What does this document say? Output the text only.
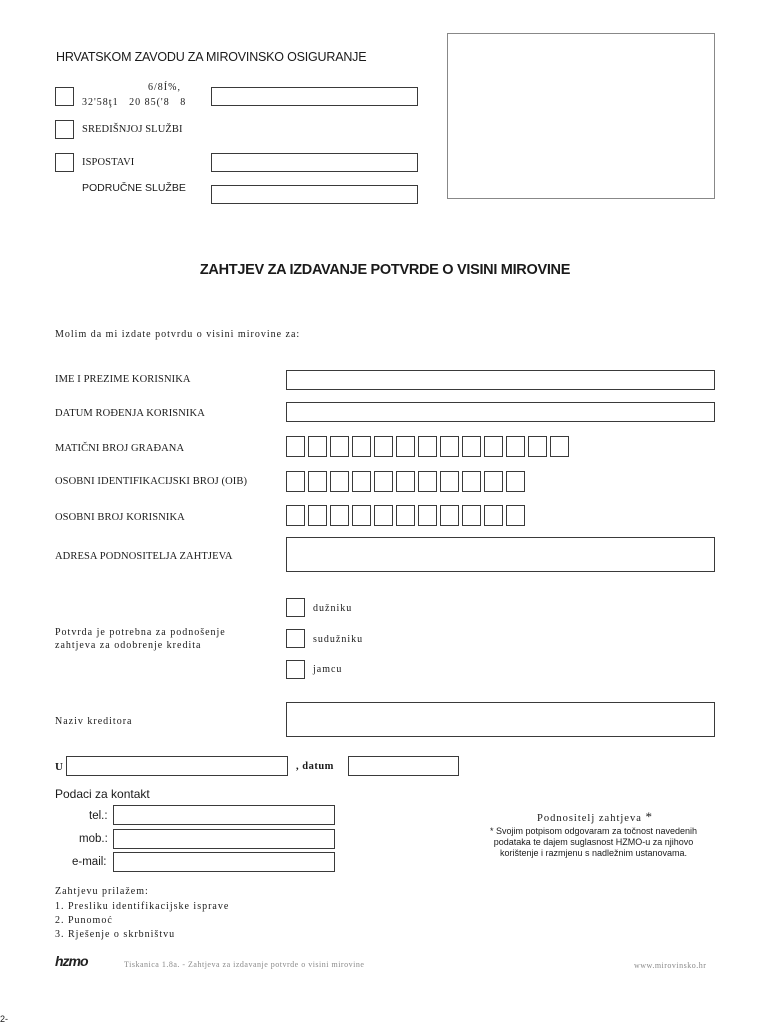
HRVATSKOM ZAVODU ZA MIROVINSKO OSIGURANJE
6/8Í%,
32'58ţ1   20 85('8   8
SREDIŠNJOJ SLUŽBI
ISPOSTAVI
PODRUČNE SLUŽBE
ZAHTJEV ZA IZDAVANJE POTVRDE O VISINI MIROVINE
Molim da mi izdate potvrdu o visini mirovine za:
IME I PREZIME KORISNIKA
DATUM ROĐENJA KORISNIKA
MATIČNI BROJ GRAĐANA
OSOBNI IDENTIFIKACIJSKI BROJ (OIB)
OSOBNI BROJ KORISNIKA
ADRESA PODNOSITELJA ZAHTJEVA
dužniku
sudužniku
jamcu
Potvrda je potrebna za podnošenje
zahtjeva za odobrenje kredita
Naziv kreditora
U	, datum
Podaci za kontakt
tel.:
mob.:
e-mail:
Podnositelj zahtjeva *
* Svojim potpisom odgovaram za točnost navedenih
podataka te dajem suglasnost HZMO-u za njihovo
korištenje i razmjenu s nadležnim ustanovama.
Zahtjevu prilažem:
1. Presliku identifikacijske isprave
2. Punomoć
3. Rješenje o skrbništvu
hzmo	Tiskanica 1.8a. - Zahtjeva za izdavanje potvrde o visini mirovine	www.mirovinsko.hr
2-
